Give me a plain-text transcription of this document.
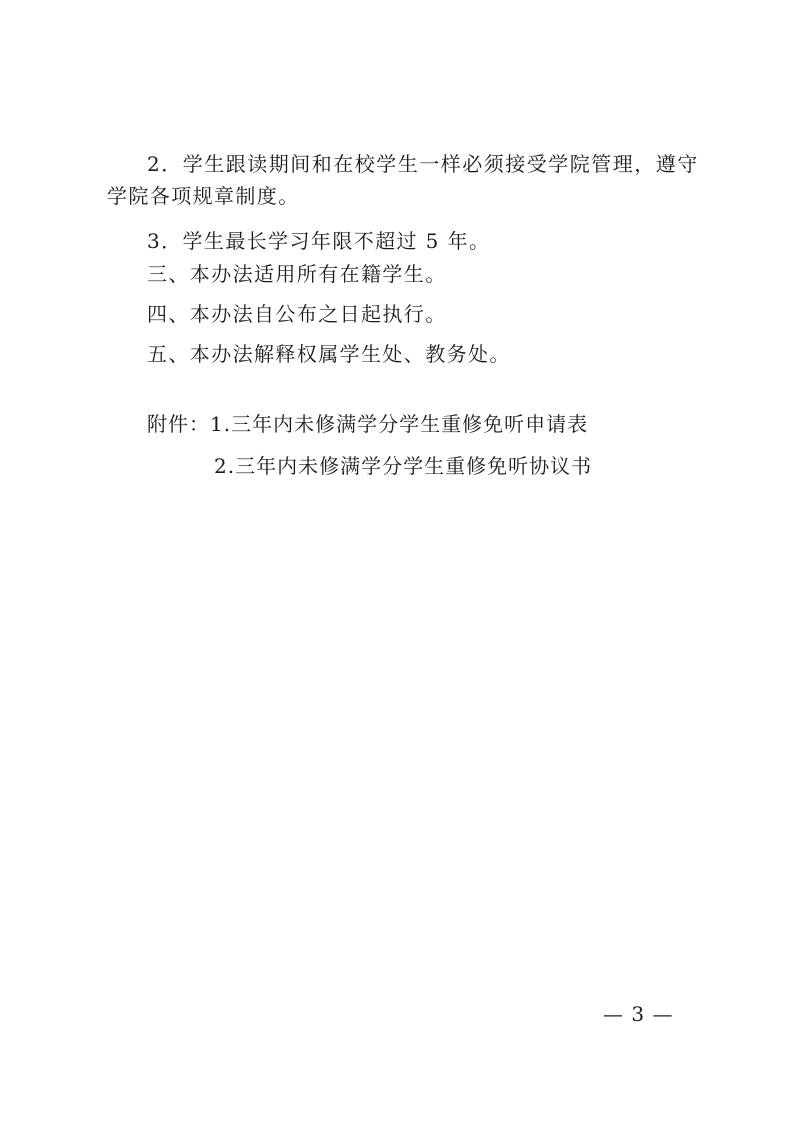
2．学生跟读期间和在校学生一样必须接受学院管理，遵守
学院各项规章制度。
3．学生最长学习年限不超过 5 年。
三、本办法适用所有在籍学生。
四、本办法自公布之日起执行。
五、本办法解释权属学生处、教务处。
附件：1.三年内未修满学分学生重修免听申请表
2.三年内未修满学分学生重修免听协议书
— 3 —
